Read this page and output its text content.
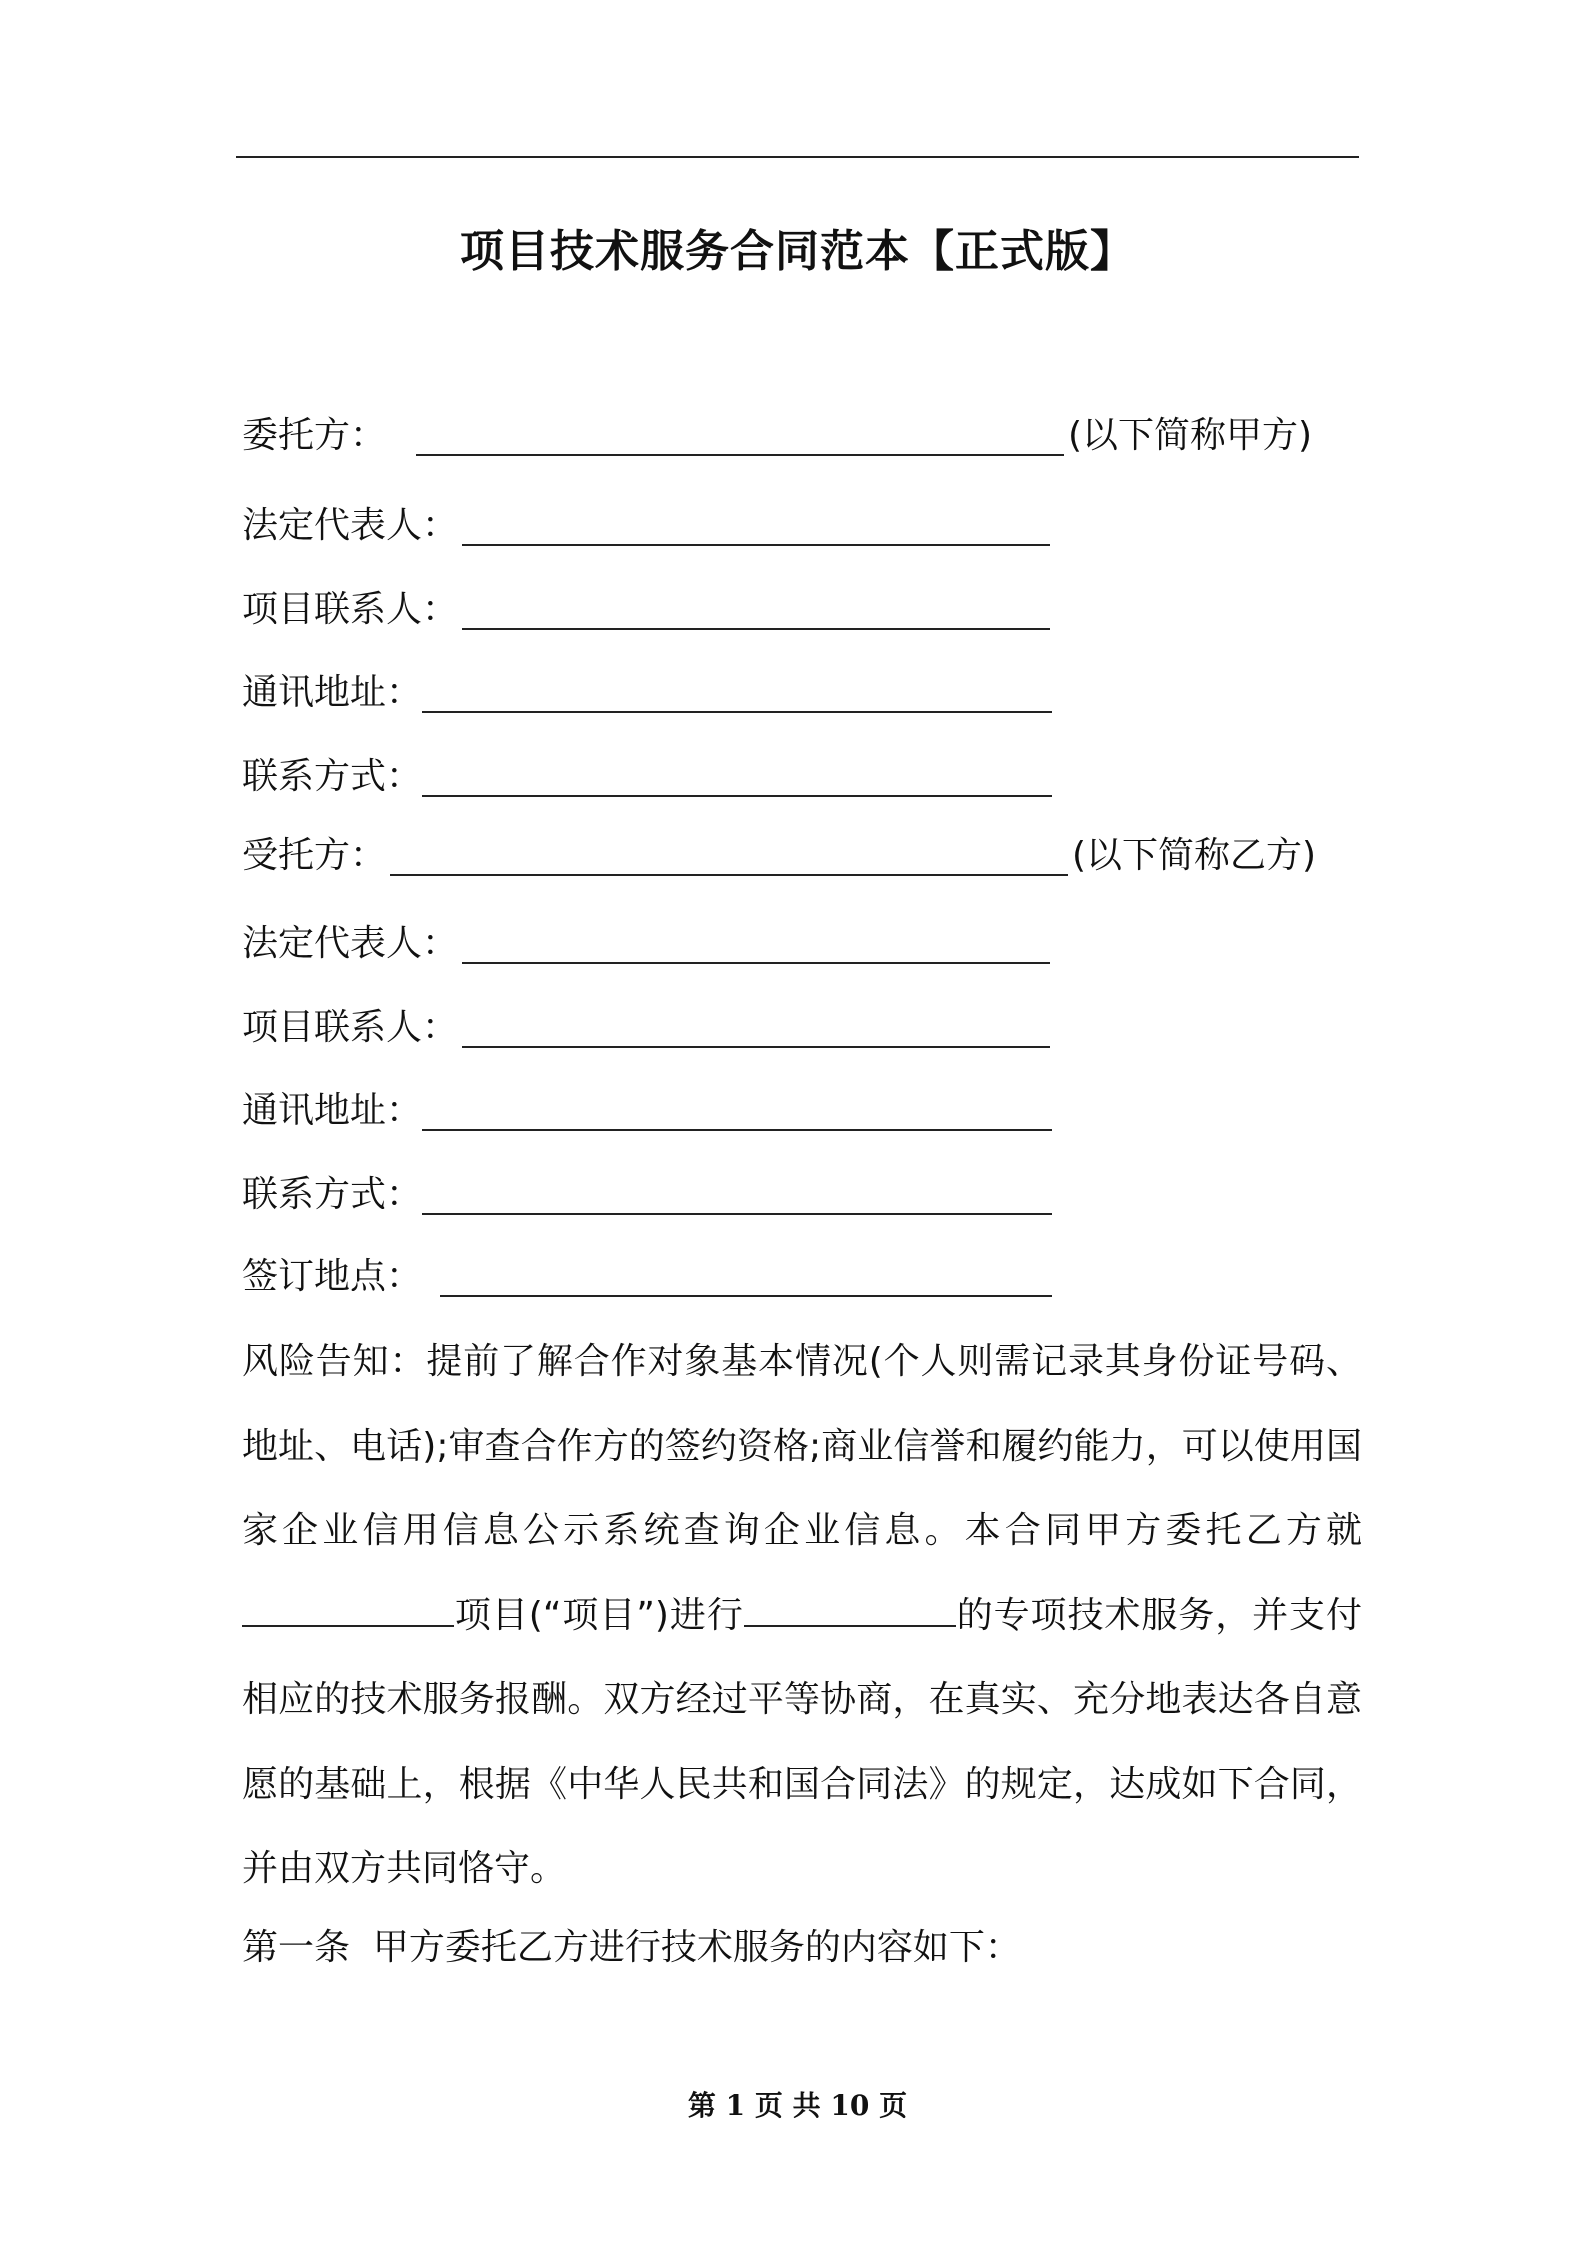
项目技术服务合同范本【正式版】
委托方：	(以下简称甲方)
法定代表人：
项目联系人：
通讯地址：
联系方式：
受托方：	(以下简称乙方)
法定代表人：
项目联系人：
通讯地址：
联系方式：
签订地点：
风险告知：提前了解合作对象基本情况(个人则需记录其身份证号码、地址、电话);审查合作方的签约资格;商业信誉和履约能力，可以使用国家企业信用信息公示系统查询企业信息。本合同甲方委托乙方就项目(“项目”)进行	的专项技术服务，并支付相应的技术服务报酬。双方经过平等协商，在真实、充分地表达各自意愿的基础上，根据《中华人民共和国合同法》的规定，达成如下合同，并由双方共同恪守。
第一条  甲方委托乙方进行技术服务的内容如下：
第 1 页 共 10 页
